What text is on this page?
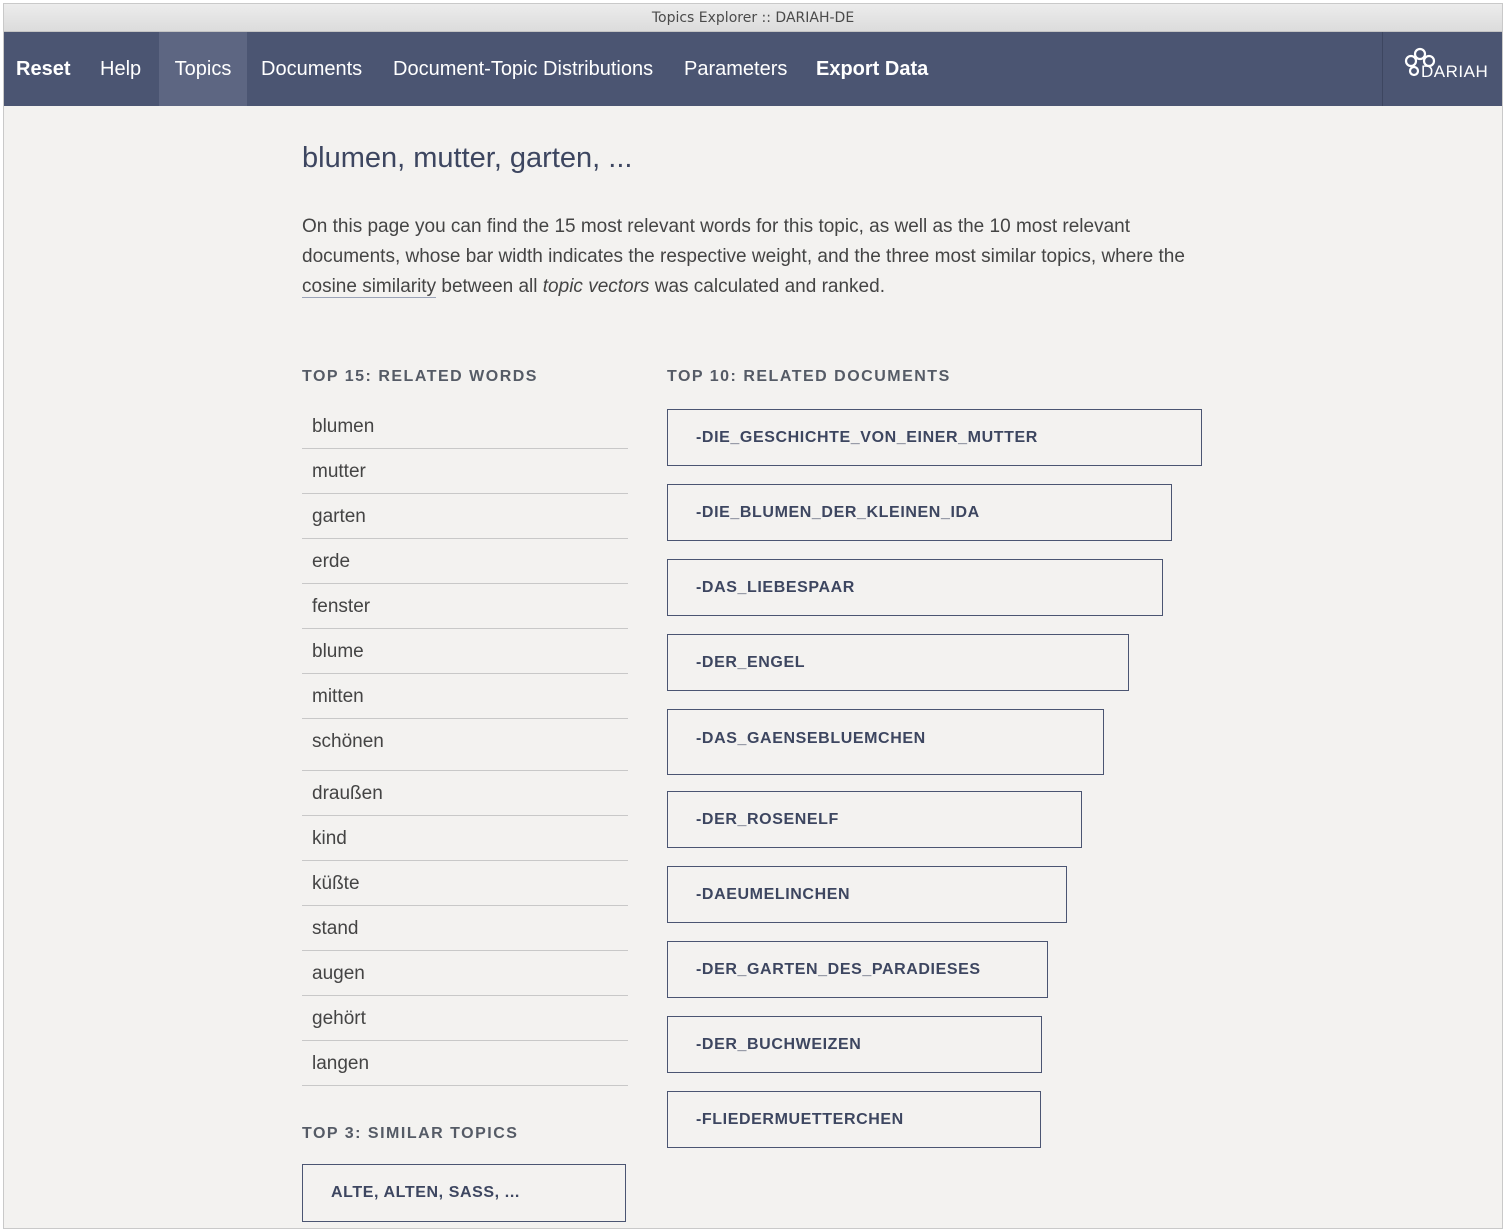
Topics Explorer :: DARIAH-DE
Reset Help	Topics	Documents Document-Topic Distributions Parameters Export Data	DARIAH
blumen, mutter, garten, ...
On this page you can find the 15 most relevant words for this topic, as well as the 10 most relevant documents, whose bar width indicates the respective weight, and the three most similar topics, where the cosine similarity between all topic vectors was calculated and ranked.
TOP 15: RELATED WORDS	TOP 10: RELATED DOCUMENTS
blumen
mutter
garten
erde
fenster
blume
mitten
schönen
draußen
kind
küßte
stand
augen
gehört
langen
-DIE_GESCHICHTE_VON_EINER_MUTTER
-DIE_BLUMEN_DER_KLEINEN_IDA
-DAS_LIEBESPAAR
-DER_ENGEL
-DAS_GAENSEBLUEMCHEN
-DER_ROSENELF
-DAEUMELINCHEN
-DER_GARTEN_DES_PARADIESES
-DER_BUCHWEIZEN
-FLIEDERMUETTERCHEN
TOP 3: SIMILAR TOPICS
ALTE, ALTEN, SASS, ...
